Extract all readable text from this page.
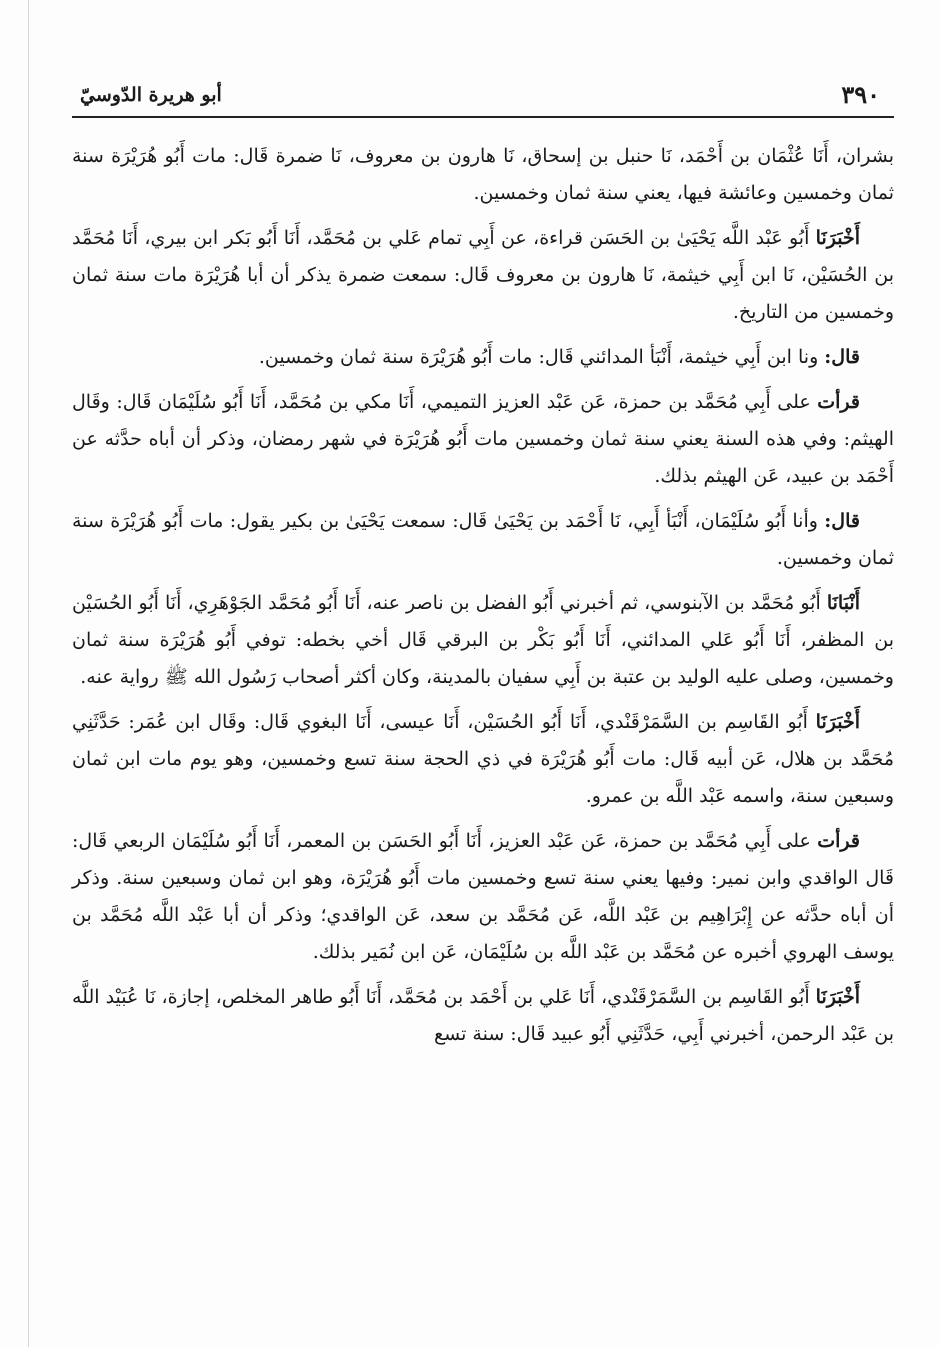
٣٩٠
أبو هريرة الدّوسيّ

بشران، أَنَا عُثْمَان بن أَحْمَد، نَا حنبل بن إسحاق، نَا هارون بن معروف، نَا ضمرة قَال: مات أَبُو هُرَيْرَة سنة ثمان وخمسين وعائشة فيها، يعني سنة ثمان وخمسين.

أَخْبَرَنَا أَبُو عَبْد اللَّه يَحْيَىٰ بن الحَسَن قراءة، عن أَبِي تمام عَلي بن مُحَمَّد، أَنَا أَبُو بَكر ابن بيري، أَنَا مُحَمَّد بن الحُسَيْن، نَا ابن أَبِي خيثمة، نَا هارون بن معروف قَال: سمعت ضمرة يذكر أن أبا هُرَيْرَة مات سنة ثمان وخمسين من التاريخ.

قال: ونا ابن أَبِي خيثمة، أَنْبَأ المدائني قَال: مات أَبُو هُرَيْرَة سنة ثمان وخمسين.

قرأت على أَبِي مُحَمَّد بن حمزة، عَن عَبْد العزيز التميمي، أَنَا مكي بن مُحَمَّد، أَنَا أَبُو سُلَيْمَان قَال: وقَال الهيثم: وفي هذه السنة يعني سنة ثمان وخمسين مات أَبُو هُرَيْرَة في شهر رمضان، وذكر أن أباه حدَّثه عن أَحْمَد بن عبيد، عَن الهيثم بذلك.

قال: وأنا أَبُو سُلَيْمَان، أَنْبَأ أَبِي، نَا أَحْمَد بن يَحْيَىٰ قَال: سمعت يَحْيَىٰ بن بكير يقول: مات أَبُو هُرَيْرَة سنة ثمان وخمسين.

أَنْبَانَا أَبُو مُحَمَّد بن الآبنوسي، ثم أخبرني أَبُو الفضل بن ناصر عنه، أَنَا أَبُو مُحَمَّد الجَوْهَرِي، أَنَا أَبُو الحُسَيْن بن المظفر، أَنَا أَبُو عَلي المدائني، أَنَا أَبُو بَكْر بن البرقي قَال أخي بخطه: توفي أَبُو هُرَيْرَة سنة ثمان وخمسين، وصلى عليه الوليد بن عتبة بن أَبِي سفيان بالمدينة، وكان أكثر أصحاب رَسُول الله ﷺ رواية عنه.

أَخْبَرَنَا أَبُو القَاسِم بن السَّمَرْقَنْدي، أَنَا أَبُو الحُسَيْن، أَنَا عيسى، أَنَا البغوي قَال: وقَال ابن عُمَر: حَدَّثَنِي مُحَمَّد بن هلال، عَن أبيه قَال: مات أَبُو هُرَيْرَة في ذي الحجة سنة تسع وخمسين، وهو يوم مات ابن ثمان وسبعين سنة، واسمه عَبْد اللَّه بن عمرو.

قرأت على أَبِي مُحَمَّد بن حمزة، عَن عَبْد العزيز، أَنَا أَبُو الحَسَن بن المعمر، أَنَا أَبُو سُلَيْمَان الربعي قَال: قَال الواقدي وابن نمير: وفيها يعني سنة تسع وخمسين مات أَبُو هُرَيْرَة، وهو ابن ثمان وسبعين سنة. وذكر أن أباه حدَّثه عن إِبْرَاهِيم بن عَبْد اللَّه، عَن مُحَمَّد بن سعد، عَن الواقدي؛ وذكر أن أبا عَبْد اللَّه مُحَمَّد بن يوسف الهروي أخبره عن مُحَمَّد بن عَبْد اللَّه بن سُلَيْمَان، عَن ابن نُمَير بذلك.

أَخْبَرَنَا أَبُو القَاسِم بن السَّمَرْقَنْدي، أَنَا عَلي بن أَحْمَد بن مُحَمَّد، أَنَا أَبُو طاهر المخلص، إجازة، نَا عُبَيْد اللَّه بن عَبْد الرحمن، أخبرني أَبِي، حَدَّثَنِي أَبُو عبيد قَال: سنة تسع
